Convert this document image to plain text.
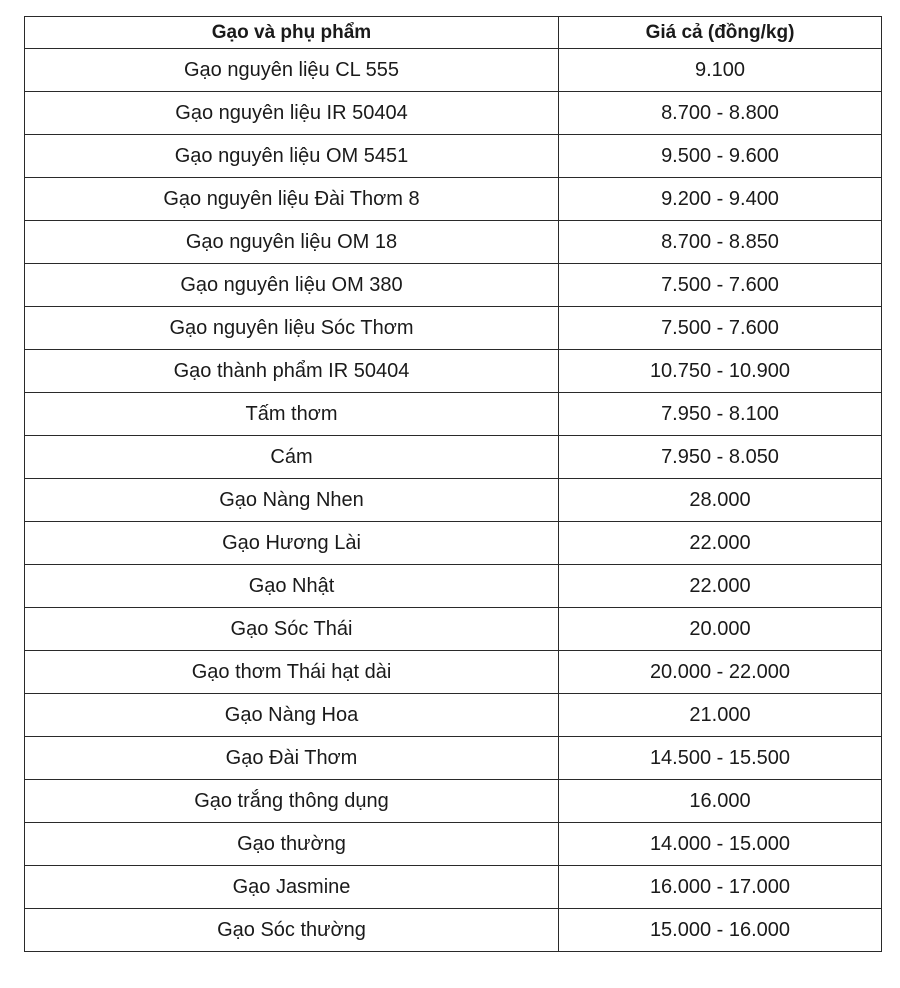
Gạo và phụ phẩm	Giá cả (đồng/kg)
Gạo nguyên liệu CL 555	9.100
Gạo nguyên liệu IR 50404	8.700 - 8.800
Gạo nguyên liệu OM 5451	9.500 - 9.600
Gạo nguyên liệu Đài Thơm 8	9.200 - 9.400
Gạo nguyên liệu OM 18	8.700 - 8.850
Gạo nguyên liệu OM 380	7.500 - 7.600
Gạo nguyên liệu Sóc Thơm	7.500 - 7.600
Gạo thành phẩm IR 50404	10.750 - 10.900
Tấm thơm	7.950 - 8.100
Cám	7.950 - 8.050
Gạo Nàng Nhen	28.000
Gạo Hương Lài	22.000
Gạo Nhật	22.000
Gạo Sóc Thái	20.000
Gạo thơm Thái hạt dài	20.000 - 22.000
Gạo Nàng Hoa	21.000
Gạo Đài Thơm	14.500 - 15.500
Gạo trắng thông dụng	16.000
Gạo thường	14.000 - 15.000
Gạo Jasmine	16.000 - 17.000
Gạo Sóc thường	15.000 - 16.000
